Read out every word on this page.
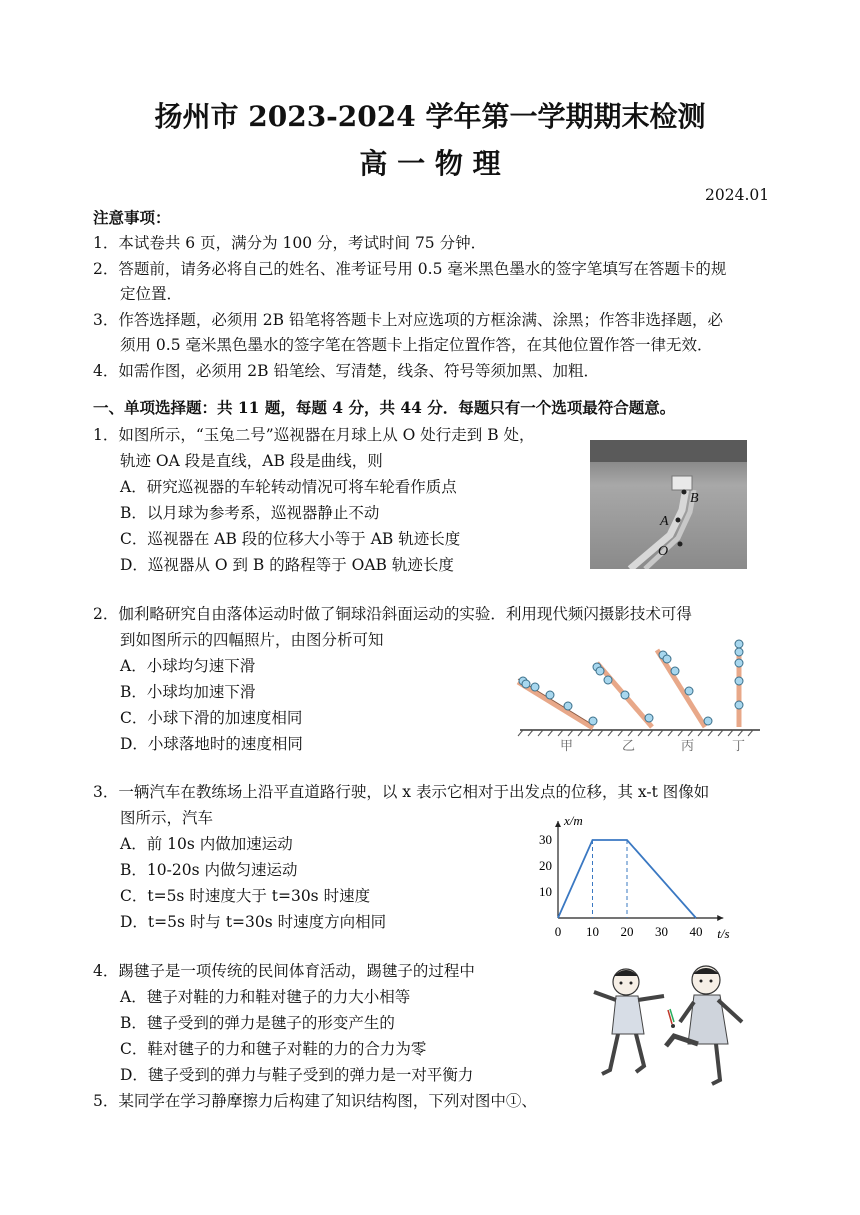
扬州市 2023-2024 学年第一学期期末检测
高 一 物 理
2024.01
注意事项：
1．本试卷共 6 页，满分为 100 分，考试时间 75 分钟．
2．答题前，请务必将自己的姓名、准考证号用 0.5 毫米黑色墨水的签字笔填写在答题卡的规
定位置．
3．作答选择题，必须用 2B 铅笔将答题卡上对应选项的方框涂满、涂黑；作答非选择题，必
须用 0.5 毫米黑色墨水的签字笔在答题卡上指定位置作答，在其他位置作答一律无效．
4．如需作图，必须用 2B 铅笔绘、写清楚，线条、符号等须加黑、加粗．
一、单项选择题：共 11 题，每题 4 分，共 44 分．每题只有一个选项最符合题意。
1．如图所示，“玉兔二号”巡视器在月球上从 O 处行走到 B 处，
轨迹 OA 段是直线，AB 段是曲线，则
A．研究巡视器的车轮转动情况可将车轮看作质点
B．以月球为参考系，巡视器静止不动
C．巡视器在 AB 段的位移大小等于 AB 轨迹长度
D．巡视器从 O 到 B 的路程等于 OAB 轨迹长度
B
A
O
2．伽利略研究自由落体运动时做了铜球沿斜面运动的实验．利用现代频闪摄影技术可得
到如图所示的四幅照片，由图分析可知
A．小球均匀速下滑
B．小球均加速下滑
C．小球下滑的加速度相同
D．小球落地时的速度相同	甲	乙	丙	丁
3．一辆汽车在教练场上沿平直道路行驶，以 x 表示它相对于出发点的位移，其 x-t 图像如
图所示，汽车
A．前 10s 内做加速运动
B．10-20s 内做匀速运动
C．t=5s 时速度大于 t=30s 时速度
D．t=5s 时与 t=30s 时速度方向相同
0 10 20 30 40
10
20
30
t/s
x/m
4．踢毽子是一项传统的民间体育活动，踢毽子的过程中
A．毽子对鞋的力和鞋对毽子的力大小相等
B．毽子受到的弹力是毽子的形变产生的
C．鞋对毽子的力和毽子对鞋的力的合力为零
D．毽子受到的弹力与鞋子受到的弹力是一对平衡力
5．某同学在学习静摩擦力后构建了知识结构图，下列对图中①、
